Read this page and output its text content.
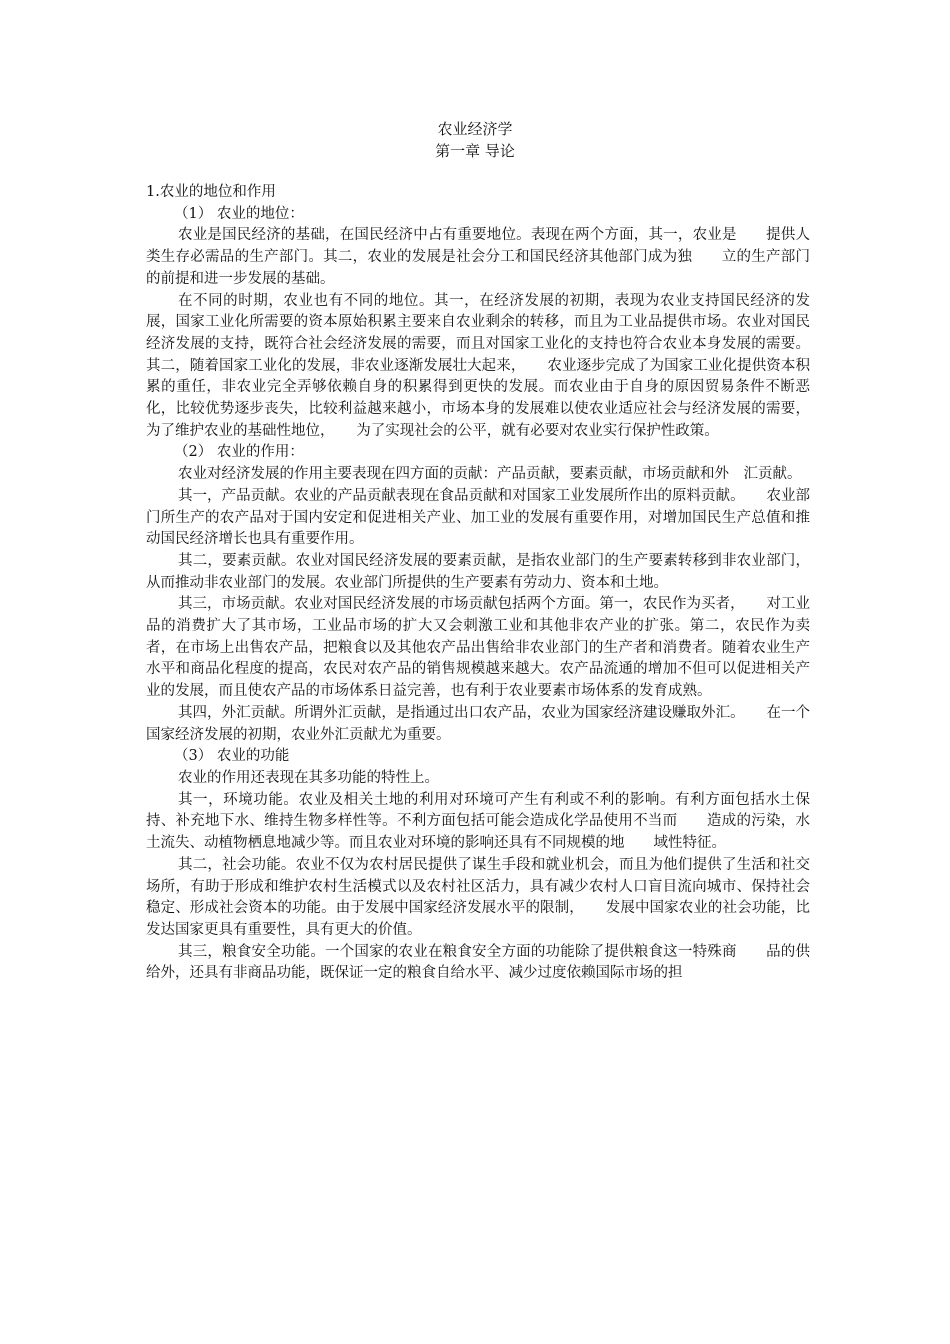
农业经济学
第一章 导论

1.农业的地位和作用

（1） 农业的地位：

农业是国民经济的基础，在国民经济中占有重要地位。表现在两个方面，其一，农业是　　提供人类生存必需品的生产部门。其二，农业的发展是社会分工和国民经济其他部门成为独　　立的生产部门的前提和进一步发展的基础。

在不同的时期，农业也有不同的地位。其一，在经济发展的初期，表现为农业支持国民经济的发展，国家工业化所需要的资本原始积累主要来自农业剩余的转移，而且为工业品提供市场。农业对国民经济发展的支持，既符合社会经济发展的需要，而且对国家工业化的支持也符合农业本身发展的需要。其二，随着国家工业化的发展，非农业逐渐发展壮大起来，　　农业逐步完成了为国家工业化提供资本积累的重任，非农业完全弄够依赖自身的积累得到更快的发展。而农业由于自身的原因贸易条件不断恶化，比较优势逐步丧失，比较利益越来越小，市场本身的发展难以使农业适应社会与经济发展的需要，为了维护农业的基础性地位，　　为了实现社会的公平，就有必要对农业实行保护性政策。

（2） 农业的作用：

农业对经济发展的作用主要表现在四方面的贡献：产品贡献，要素贡献，市场贡献和外　汇贡献。

其一，产品贡献。农业的产品贡献表现在食品贡献和对国家工业发展所作出的原料贡献。　　农业部门所生产的农产品对于国内安定和促进相关产业、加工业的发展有重要作用，对增加国民生产总值和推动国民经济增长也具有重要作用。

其二，要素贡献。农业对国民经济发展的要素贡献，是指农业部门的生产要素转移到非农业部门，从而推动非农业部门的发展。农业部门所提供的生产要素有劳动力、资本和土地。

其三，市场贡献。农业对国民经济发展的市场贡献包括两个方面。第一，农民作为买者，　　对工业品的消费扩大了其市场，工业品市场的扩大又会刺激工业和其他非农产业的扩张。第二，农民作为卖者，在市场上出售农产品，把粮食以及其他农产品出售给非农业部门的生产者和消费者。随着农业生产水平和商品化程度的提高，农民对农产品的销售规模越来越大。农产品流通的增加不但可以促进相关产业的发展，而且使农产品的市场体系日益完善，也有利于农业要素市场体系的发育成熟。

其四，外汇贡献。所谓外汇贡献，是指通过出口农产品，农业为国家经济建设赚取外汇。　　在一个国家经济发展的初期，农业外汇贡献尤为重要。

（3） 农业的功能

农业的作用还表现在其多功能的特性上。

其一，环境功能。农业及相关土地的利用对环境可产生有利或不利的影响。有利方面包括水土保持、补充地下水、维持生物多样性等。不利方面包括可能会造成化学品使用不当而　　造成的污染，水土流失、动植物栖息地减少等。而且农业对环境的影响还具有不同规模的地　　域性特征。

其二，社会功能。农业不仅为农村居民提供了谋生手段和就业机会，而且为他们提供了生活和社交场所，有助于形成和维护农村生活模式以及农村社区活力，具有减少农村人口盲目流向城市、保持社会稳定、形成社会资本的功能。由于发展中国家经济发展水平的限制，　　发展中国家农业的社会功能，比发达国家更具有重要性，具有更大的价值。

其三，粮食安全功能。一个国家的农业在粮食安全方面的功能除了提供粮食这一特殊商　　品的供给外，还具有非商品功能，既保证一定的粮食自给水平、减少过度依赖国际市场的担
